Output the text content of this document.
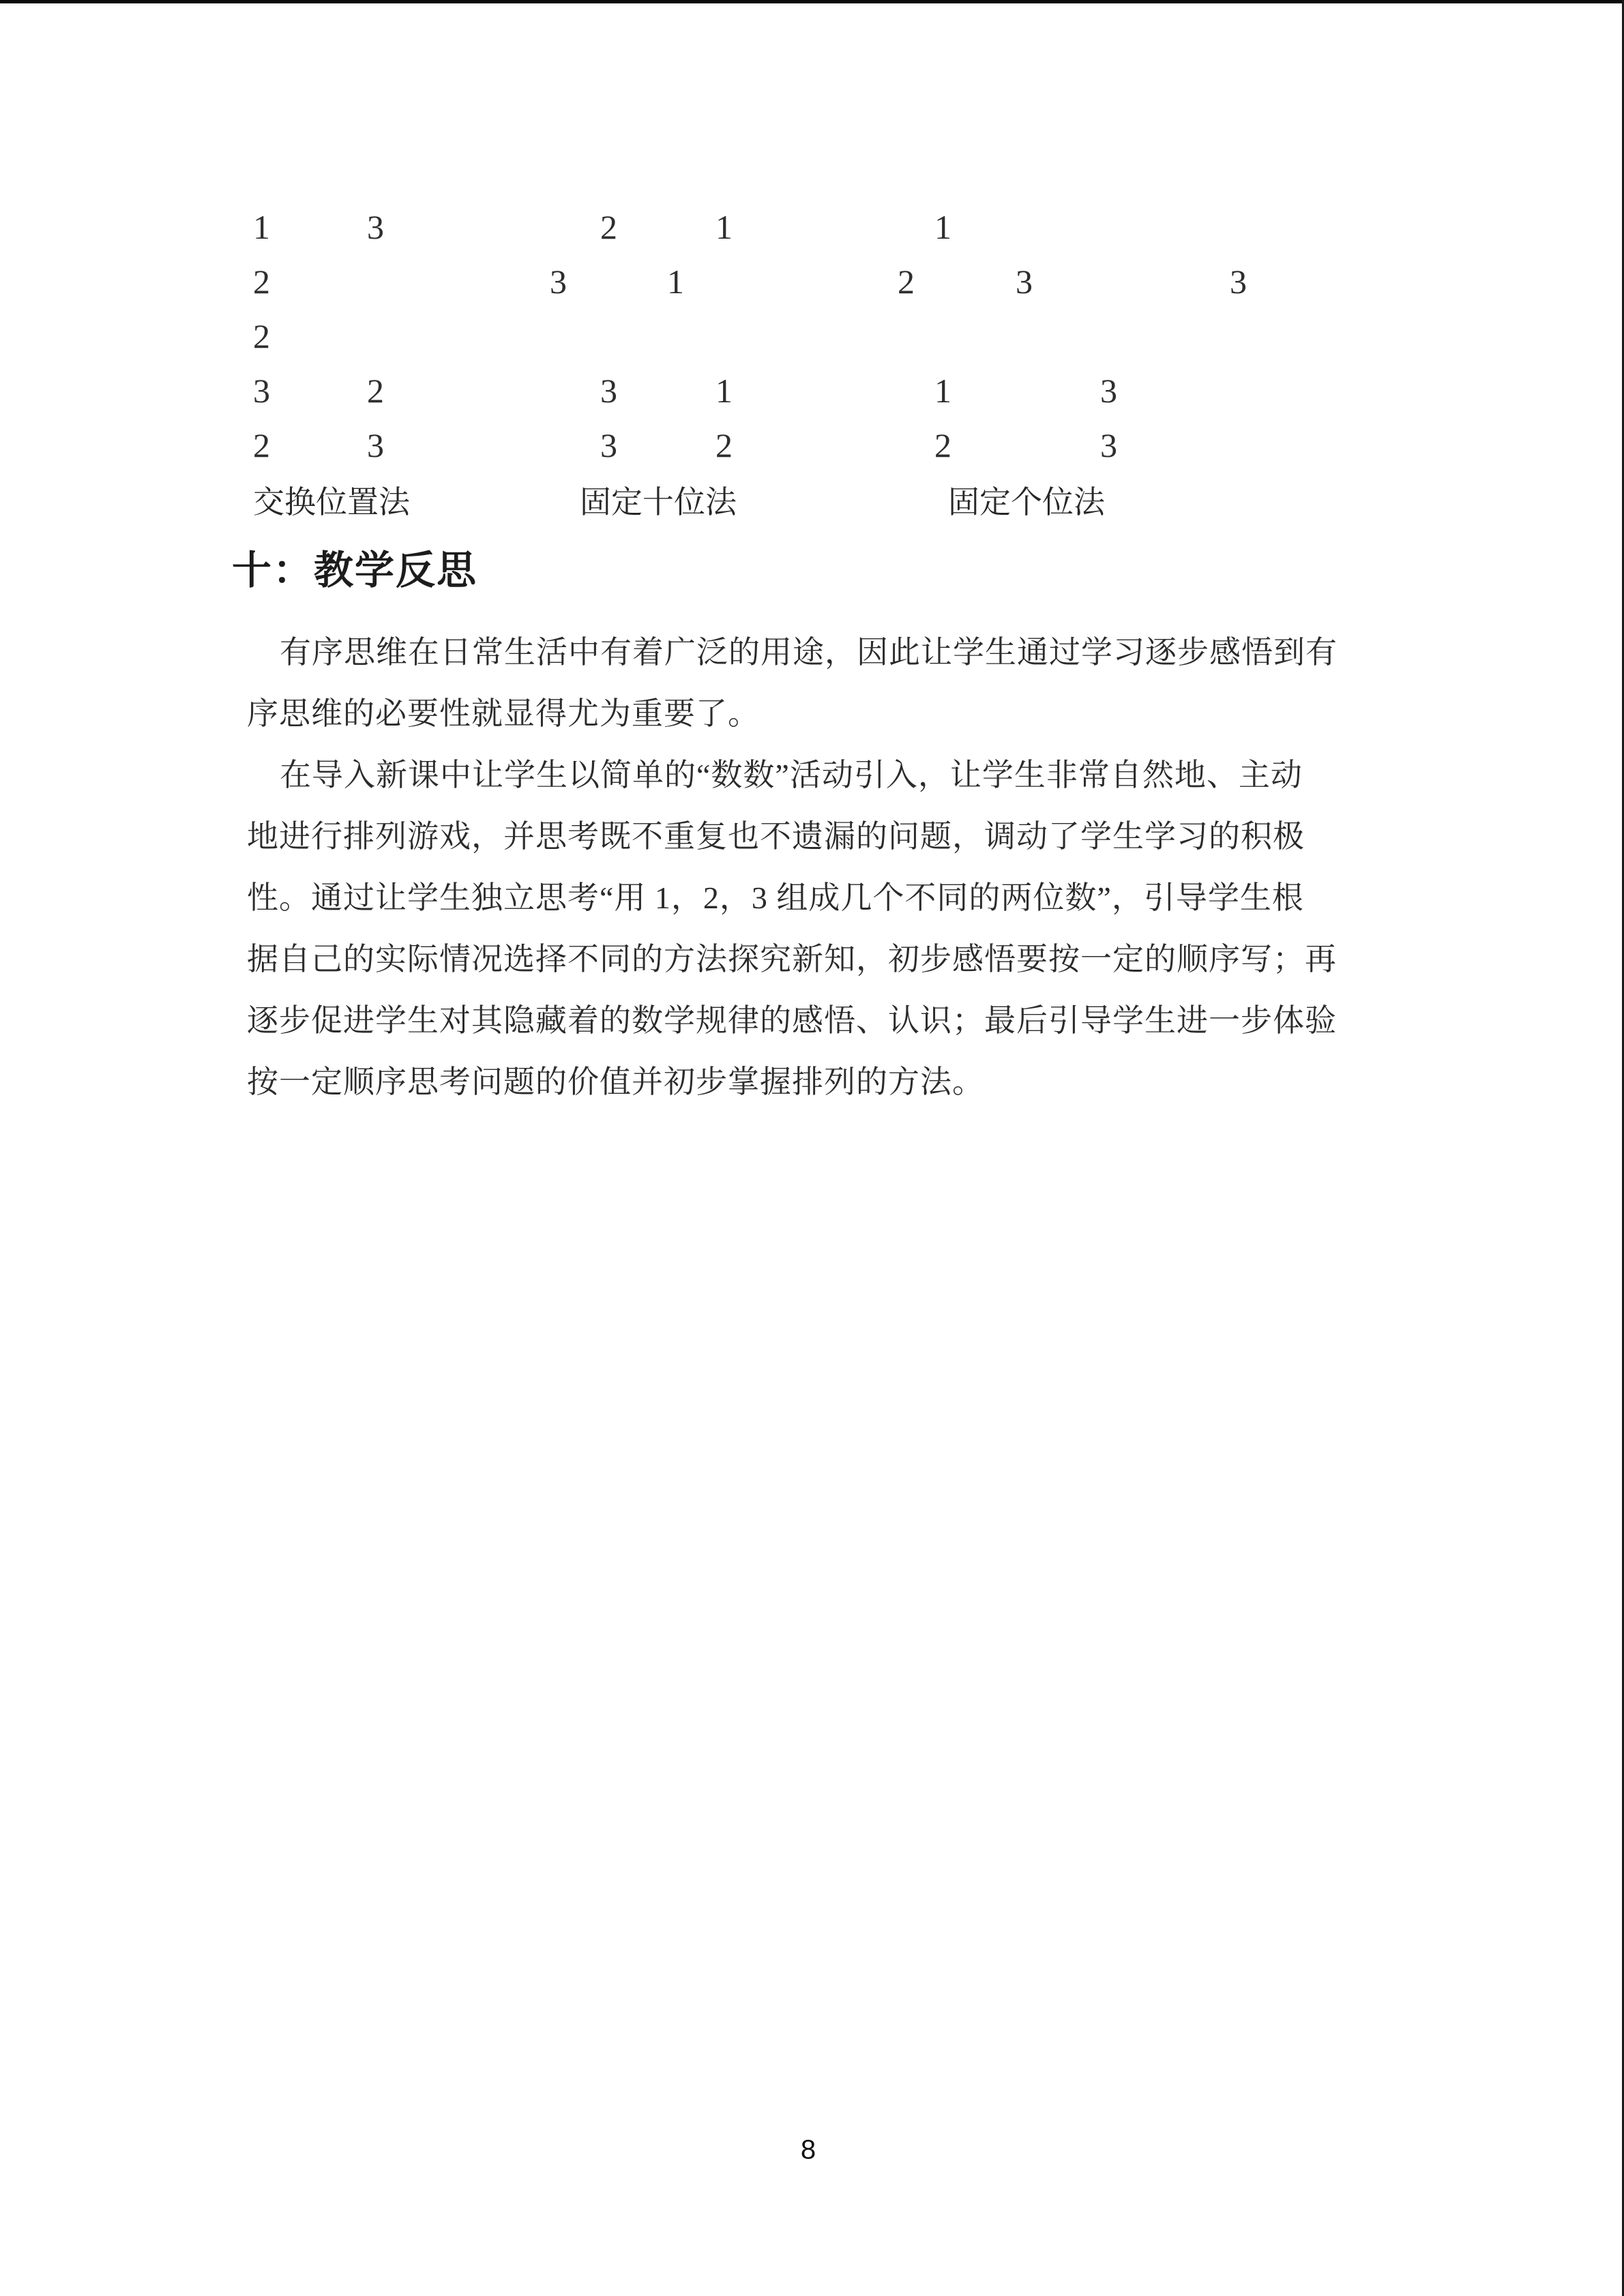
1	3	2	1	1
2	3	1	2	3	3
2
3	2	3	1	1	3
2	3	3	2	2	3
交换位置法	固定十位法	固定个位法
十：教学反思
有序思维在日常生活中有着广泛的用途，因此让学生通过学习逐步感悟到有
序思维的必要性就显得尤为重要了。
在导入新课中让学生以简单的“数数”活动引入，让学生非常自然地、主动
地进行排列游戏，并思考既不重复也不遗漏的问题，调动了学生学习的积极
性。通过让学生独立思考“用 1，2，3 组成几个不同的两位数”，引导学生根
据自己的实际情况选择不同的方法探究新知，初步感悟要按一定的顺序写；再
逐步促进学生对其隐藏着的数学规律的感悟、认识；最后引导学生进一步体验
按一定顺序思考问题的价值并初步掌握排列的方法。
8
